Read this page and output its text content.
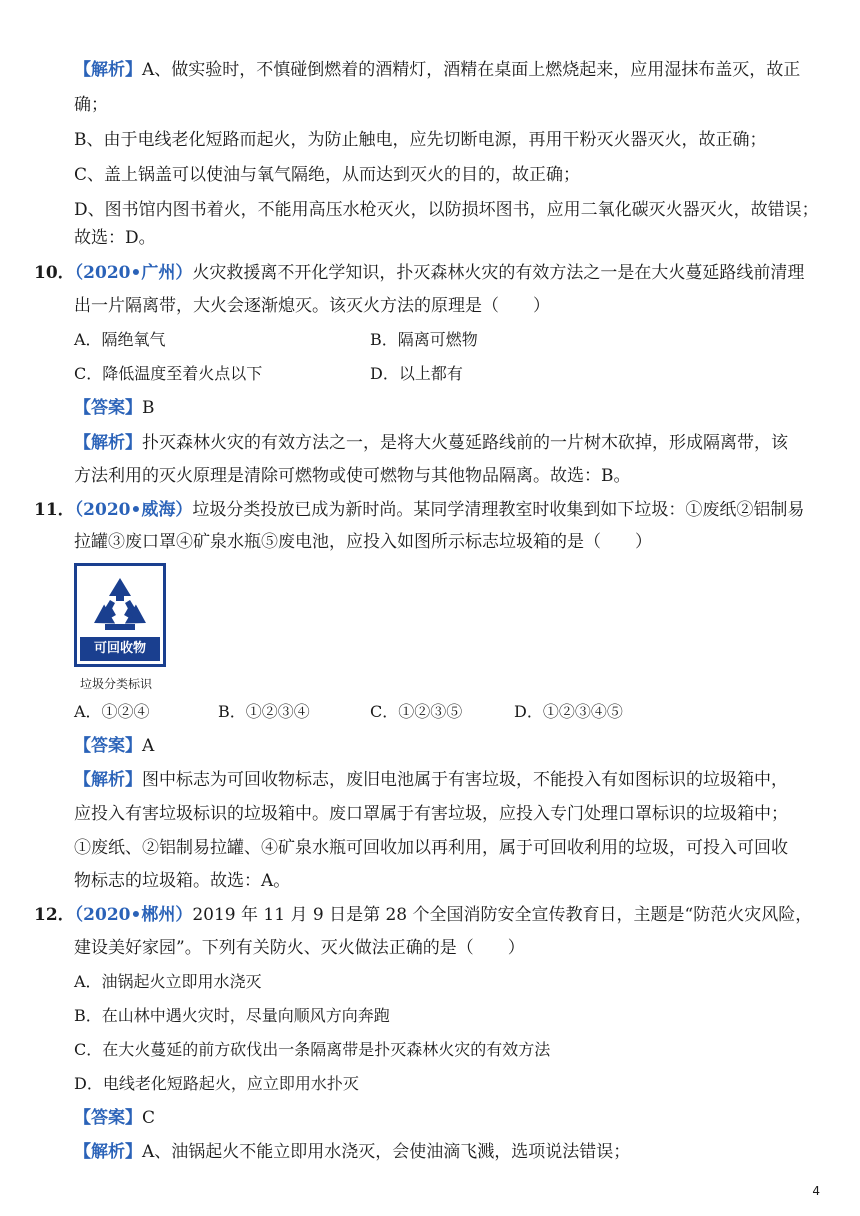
【解析】A、做实验时，不慎碰倒燃着的酒精灯，酒精在桌面上燃烧起来，应用湿抹布盖灭，故正
确；
B、由于电线老化短路而起火，为防止触电，应先切断电源，再用干粉灭火器灭火，故正确；
C、盖上锅盖可以使油与氧气隔绝，从而达到灭火的目的，故正确；
D、图书馆内图书着火，不能用高压水枪灭火，以防损坏图书，应用二氧化碳灭火器灭火，故错误；
故选：D。
10．（2020•广州）火灾救援离不开化学知识，扑灭森林火灾的有效方法之一是在大火蔓延路线前清理
出一片隔离带，大火会逐渐熄灭。该灭火方法的原理是（　　）
A．隔绝氧气	B．隔离可燃物
C．降低温度至着火点以下	D．以上都有
【答案】B
【解析】扑灭森林火灾的有效方法之一，是将大火蔓延路线前的一片树木砍掉，形成隔离带，该
方法利用的灭火原理是清除可燃物或使可燃物与其他物品隔离。故选：B。
11．（2020•威海）垃圾分类投放已成为新时尚。某同学清理教室时收集到如下垃圾：①废纸②铝制易
拉罐③废口罩④矿泉水瓶⑤废电池，应投入如图所示标志垃圾箱的是（　　）
可回收物
垃圾分类标识
A．①②④	B．①②③④	C．①②③⑤	D．①②③④⑤
【答案】A
【解析】图中标志为可回收物标志，废旧电池属于有害垃圾，不能投入有如图标识的垃圾箱中，
应投入有害垃圾标识的垃圾箱中。废口罩属于有害垃圾，应投入专门处理口罩标识的垃圾箱中；
①废纸、②铝制易拉罐、④矿泉水瓶可回收加以再利用，属于可回收利用的垃圾，可投入可回收
物标志的垃圾箱。故选：A。
12．（2020•郴州）2019 年 11 月 9 日是第 28 个全国消防安全宣传教育日，主题是“防范火灾风险，
建设美好家园”。下列有关防火、灭火做法正确的是（　　）
A．油锅起火立即用水浇灭
B．在山林中遇火灾时，尽量向顺风方向奔跑
C．在大火蔓延的前方砍伐出一条隔离带是扑灭森林火灾的有效方法
D．电线老化短路起火，应立即用水扑灭
【答案】C
【解析】A、油锅起火不能立即用水浇灭，会使油滴飞溅，选项说法错误；
4
